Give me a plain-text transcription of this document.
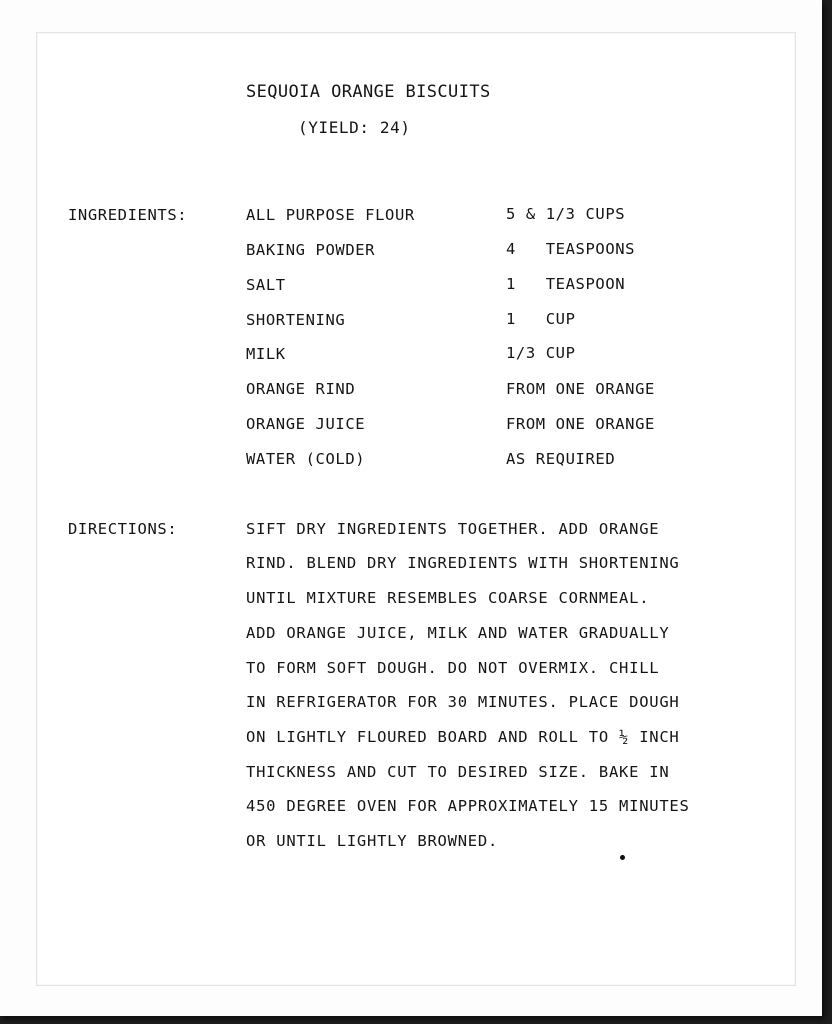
SEQUOIA ORANGE BISCUITS
(YIELD: 24)
INGREDIENTS:	ALL PURPOSE FLOUR	5 & 1/3 CUPS
BAKING POWDER	4   TEASPOONS
SALT	1   TEASPOON
SHORTENING	1   CUP
MILK	1/3 CUP
ORANGE RIND	FROM ONE ORANGE
ORANGE JUICE	FROM ONE ORANGE
WATER (COLD)	AS REQUIRED
DIRECTIONS:	SIFT DRY INGREDIENTS TOGETHER. ADD ORANGE
RIND. BLEND DRY INGREDIENTS WITH SHORTENING
UNTIL MIXTURE RESEMBLES COARSE CORNMEAL.
ADD ORANGE JUICE, MILK AND WATER GRADUALLY
TO FORM SOFT DOUGH. DO NOT OVERMIX. CHILL
IN REFRIGERATOR FOR 30 MINUTES. PLACE DOUGH
ON LIGHTLY FLOURED BOARD AND ROLL TO ½ INCH
THICKNESS AND CUT TO DESIRED SIZE. BAKE IN
450 DEGREE OVEN FOR APPROXIMATELY 15 MINUTES
OR UNTIL LIGHTLY BROWNED.
